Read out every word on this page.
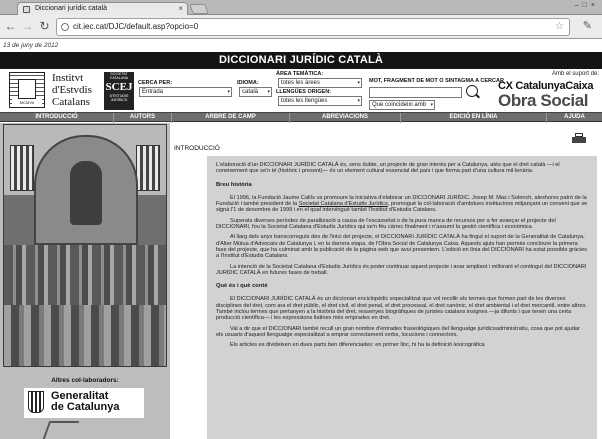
Diccionari jurídic català	×	–□×
← → ↻	cit.iec.cat/DJC/default.asp?opcio=0	☆ ✎
13 de juny de 2012
DICCIONARI JURÍDIC CATALÀ
MCMVII
Institvt
d'Estvdis
Catalans
SOCIETAT CATALANA
SCEJ
D'ESTUDIS JURÍDICS
CERCA PER:
Entrada	▾
IDIOMA:
català ▾
ÀREA TEMÀTICA:
totes les àrees	▾
LLENGÜES ORIGEN:
totes les llengües	▾
MOT, FRAGMENT DE MOT O SINTAGMA A CERCAR
Que coincideixi amb ▾
Amb el suport de:
CX CatalunyaCaixa
Obra Social
INTRODUCCIÓ	AUTORS	ARBRE DE CAMP	ABREVIACIONS	EDICIÓ EN LÍNIA	AJUDA
Altres col·laboradors:
Generalitat
de Catalunya
INTRODUCCIÓ

L'elaboració d'un DICCIONARI JURÍDIC CATALÀ és, sens dubte, un projecte de gran interès per a Catalunya, atès que el dret català —i el coneixement que se'n té (històric i present)— és un element cultural essencial del país i que forma part d'una cultura mil·lenària.

Breu història

El 1996, la Fundació Jaume Callís va promoure la iniciativa d'elaborar un DICCIONARI JURÍDIC. Josep M. Mas i Solench, aleshores patró de la Fundació i també president de la Societat Catalana d'Estudis Jurídics, promogué la col·laboració d'ambdues institucions mitjançant un conveni que se signà l'1 de desembre de 1999 i en el qual intervingué també l'Institut d'Estudis Catalans.

Superats diverses períodes de paralització a causa de l'escassetat o de la pura manca de recursos per a fer avançar el projecte del DICCIONARI, fou la Societat Catalana d'Estudis Jurídics qui se'n féu càrrec finalment i n'assumí la gestió científica i econòmica.

Al llarg dels anys transcorreguts des de l'inici del projecte, el DICCIONARI JURÍDIC CATALÀ ha fingut el suport de la Generalitat de Catalunya, d'Alter Mútua d'Advocats de Catalunya i, en la darrera etapa, de l'Obra Social de Catalunya Caixa. Aquests ajuts han permès concloure la primera fase del projecte, que ha culminat amb la publicació de la pàgina web que avui presentem. L'edició en línia del DICCIONARI ha estat possible gràcies a l'Institut d'Estudis Catalans.

La intenció de la Societat Catalana d'Estudis Jurídics és poder continuar aquest projecte i anar ampliant i millorant el contingut del DICCIONARI JURÍDIC CATALÀ en futures fases de treball.

Què és i què conté

El DICCIONARI JURÍDIC CATALÀ és un diccionari enciclopèdic especialitzat que vol recollir els termes que formen part de les diverses disciplines del dret, com ara el dret públic, el dret civil, el dret penal, el dret processal, el dret canònic, el dret ambiental i el dret mercantil, entre altres. També inclou termes que pertanyen a la història del dret, ressenyes biogràfiques de juristes catalans insignes —ja difunts i que tenen una certa producció científica— i les expressions llatines més emprades en dret.

Val a dir que el DICCIONARI també recull un gran nombre d'entrades fraseològiques del llenguatge jurídicoadministratiu, cosa que pot ajudar els usuaris d'aquest llenguatge especialitzat a emprar correctament verbs, locucions i connectors.

Els articles es divideixen en dues parts ben diferenciades: en primer lloc, hi ha la definició lexicogràfica
